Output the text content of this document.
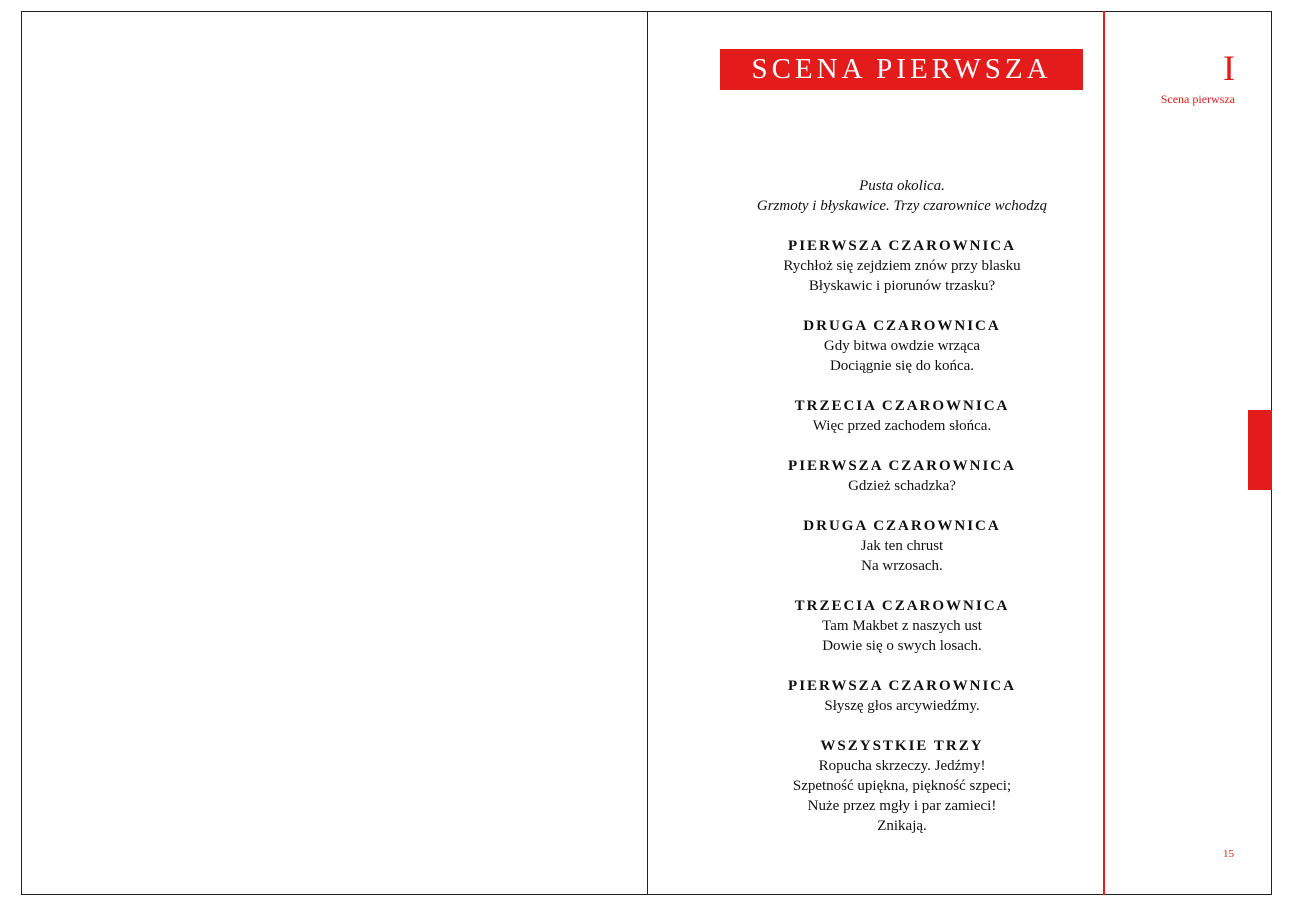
SCENA PIERWSZA	I
Scena pierwsza
15
Pusta okolica.
Grzmoty i błyskawice. Trzy czarownice wchodzą
PIERWSZA CZAROWNICA
Rychłoż się zejdziem znów przy blasku
Błyskawic i piorunów trzasku?
DRUGA CZAROWNICA
Gdy bitwa owdzie wrząca
Dociągnie się do końca.
TRZECIA CZAROWNICA
Więc przed zachodem słońca.
PIERWSZA CZAROWNICA
Gdzież schadzka?
DRUGA CZAROWNICA
Jak ten chrust
Na wrzosach.
TRZECIA CZAROWNICA
Tam Makbet z naszych ust
Dowie się o swych losach.
PIERWSZA CZAROWNICA
Słyszę głos arcywiedźmy.
WSZYSTKIE TRZY
Ropucha skrzeczy. Jedźmy!
Szpetność upiękna, piękność szpeci;
Nuże przez mgły i par zamieci!
Znikają.
